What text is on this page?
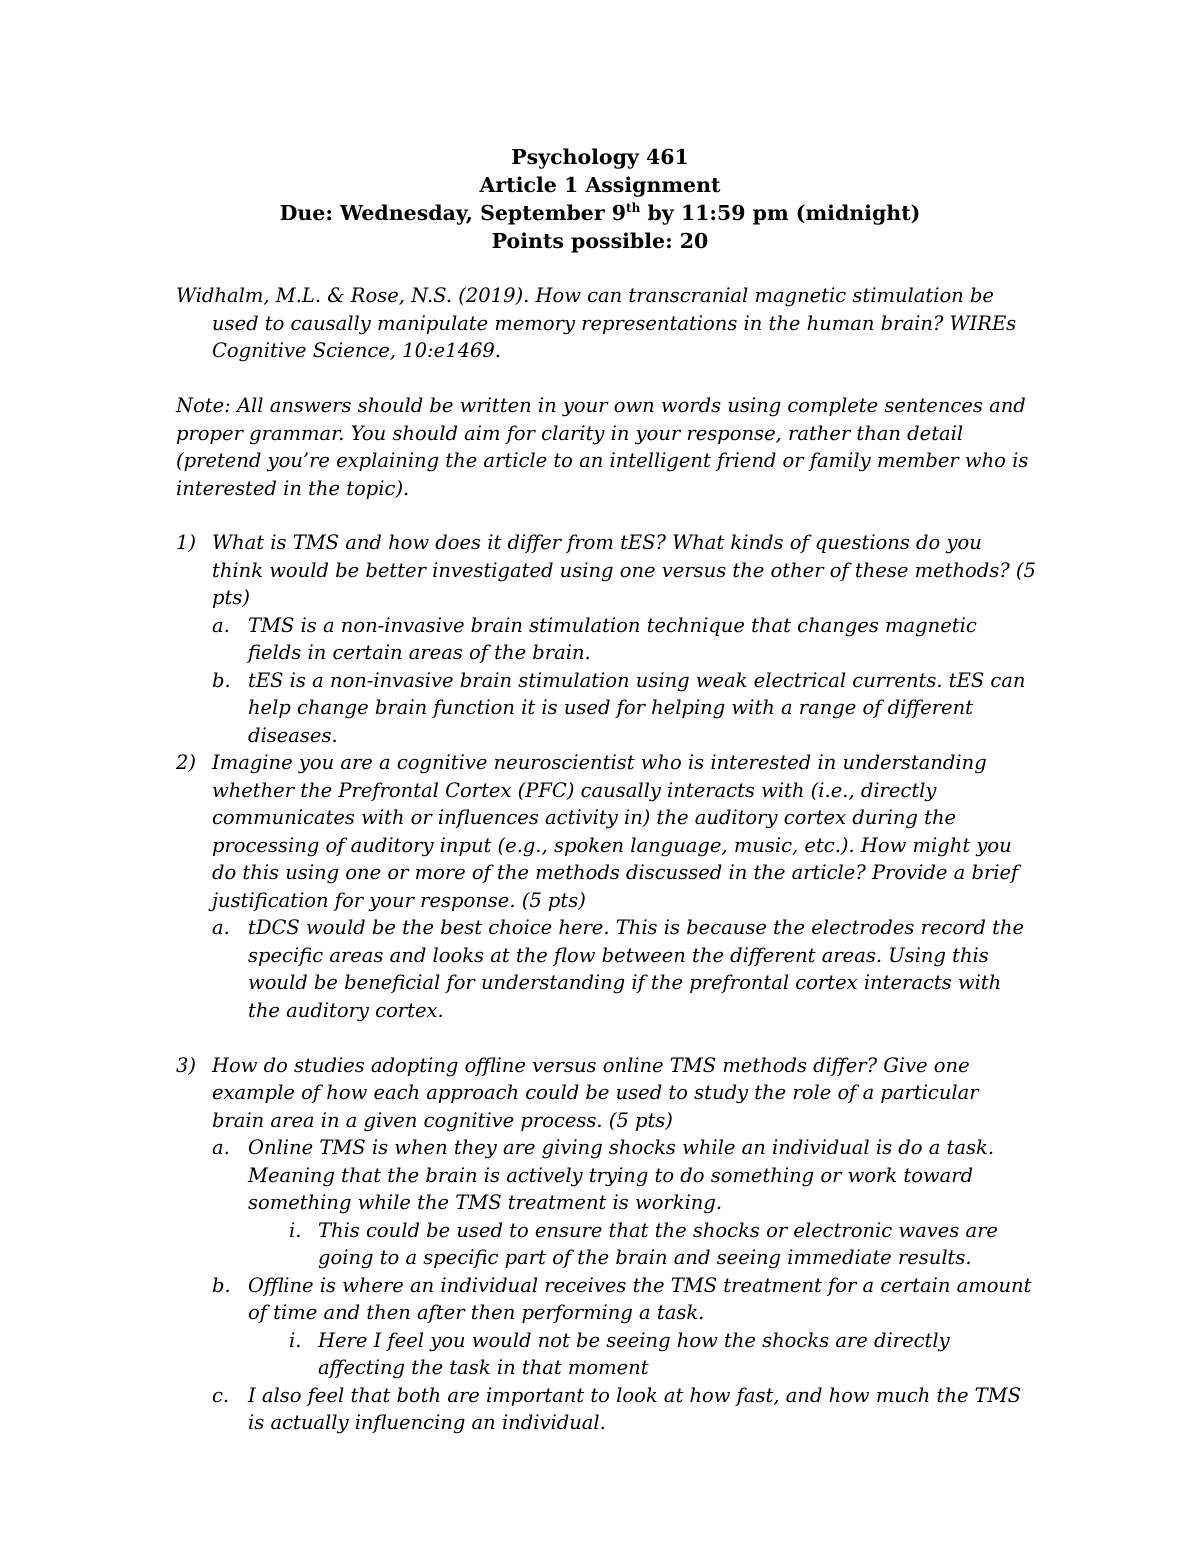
Psychology 461
Article 1 Assignment
Due: Wednesday, September 9th by 11:59 pm (midnight)
Points possible: 20
Widhalm, M.L. & Rose, N.S. (2019). How can transcranial magnetic stimulation be used to causally manipulate memory representations in the human brain? WIREs Cognitive Science, 10:e1469.
Note: All answers should be written in your own words using complete sentences and proper grammar. You should aim for clarity in your response, rather than detail (pretend you’re explaining the article to an intelligent friend or family member who is interested in the topic).
1) What is TMS and how does it differ from tES? What kinds of questions do you think would be better investigated using one versus the other of these methods? (5 pts)
a. TMS is a non-invasive brain stimulation technique that changes magnetic fields in certain areas of the brain.
b. tES is a non-invasive brain stimulation using weak electrical currents. tES can help change brain function it is used for helping with a range of different diseases.
2) Imagine you are a cognitive neuroscientist who is interested in understanding whether the Prefrontal Cortex (PFC) causally interacts with (i.e., directly communicates with or influences activity in) the auditory cortex during the processing of auditory input (e.g., spoken language, music, etc.). How might you do this using one or more of the methods discussed in the article? Provide a brief justification for your response. (5 pts)
a. tDCS would be the best choice here. This is because the electrodes record the specific areas and looks at the flow between the different areas. Using this would be beneficial for understanding if the prefrontal cortex interacts with the auditory cortex.
3) How do studies adopting offline versus online TMS methods differ? Give one example of how each approach could be used to study the role of a particular brain area in a given cognitive process. (5 pts)
a. Online TMS is when they are giving shocks while an individual is do a task. Meaning that the brain is actively trying to do something or work toward something while the TMS treatment is working.
i. This could be used to ensure that the shocks or electronic waves are going to a specific part of the brain and seeing immediate results.
b. Offline is where an individual receives the TMS treatment for a certain amount of time and then after then performing a task.
i. Here I feel you would not be seeing how the shocks are directly affecting the task in that moment
c. I also feel that both are important to look at how fast, and how much the TMS is actually influencing an individual.
